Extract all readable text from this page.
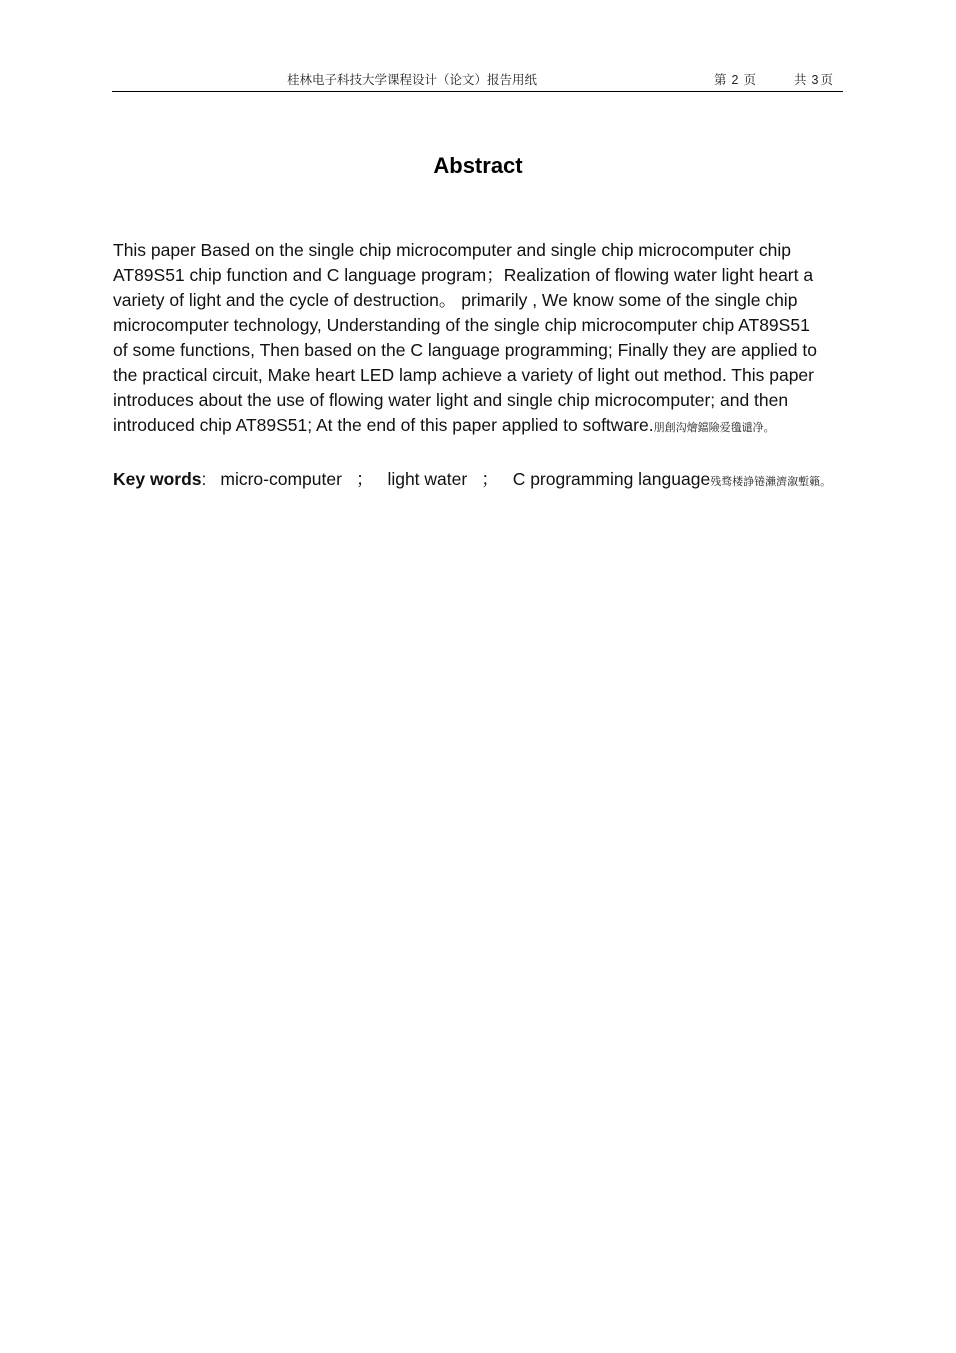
桂林电子科技大学课程设计（论文）报告用纸	第 2 页	共 3 页
Abstract
This paper Based on the single chip microcomputer and single chip microcomputer chip
AT89S51 chip function and C language program；Realization of flowing water light heart a
variety of light and the cycle of destruction。 primarily , We know some of the single chip
microcomputer technology, Understanding of the single chip microcomputer chip AT89S51
of some functions, Then based on the C language programming; Finally they are applied to
the practical circuit, Make heart LED lamp achieve a variety of light out method. This paper
introduces about the use of flowing water light and single chip microcomputer; and then
introduced chip AT89S51; At the end of this paper applied to software.朋創沟燴鐺險爱氇谴净。
Key words: micro-computer ； light water ； C programming language残骛楼諍锩瀨濟溆塹籟。
